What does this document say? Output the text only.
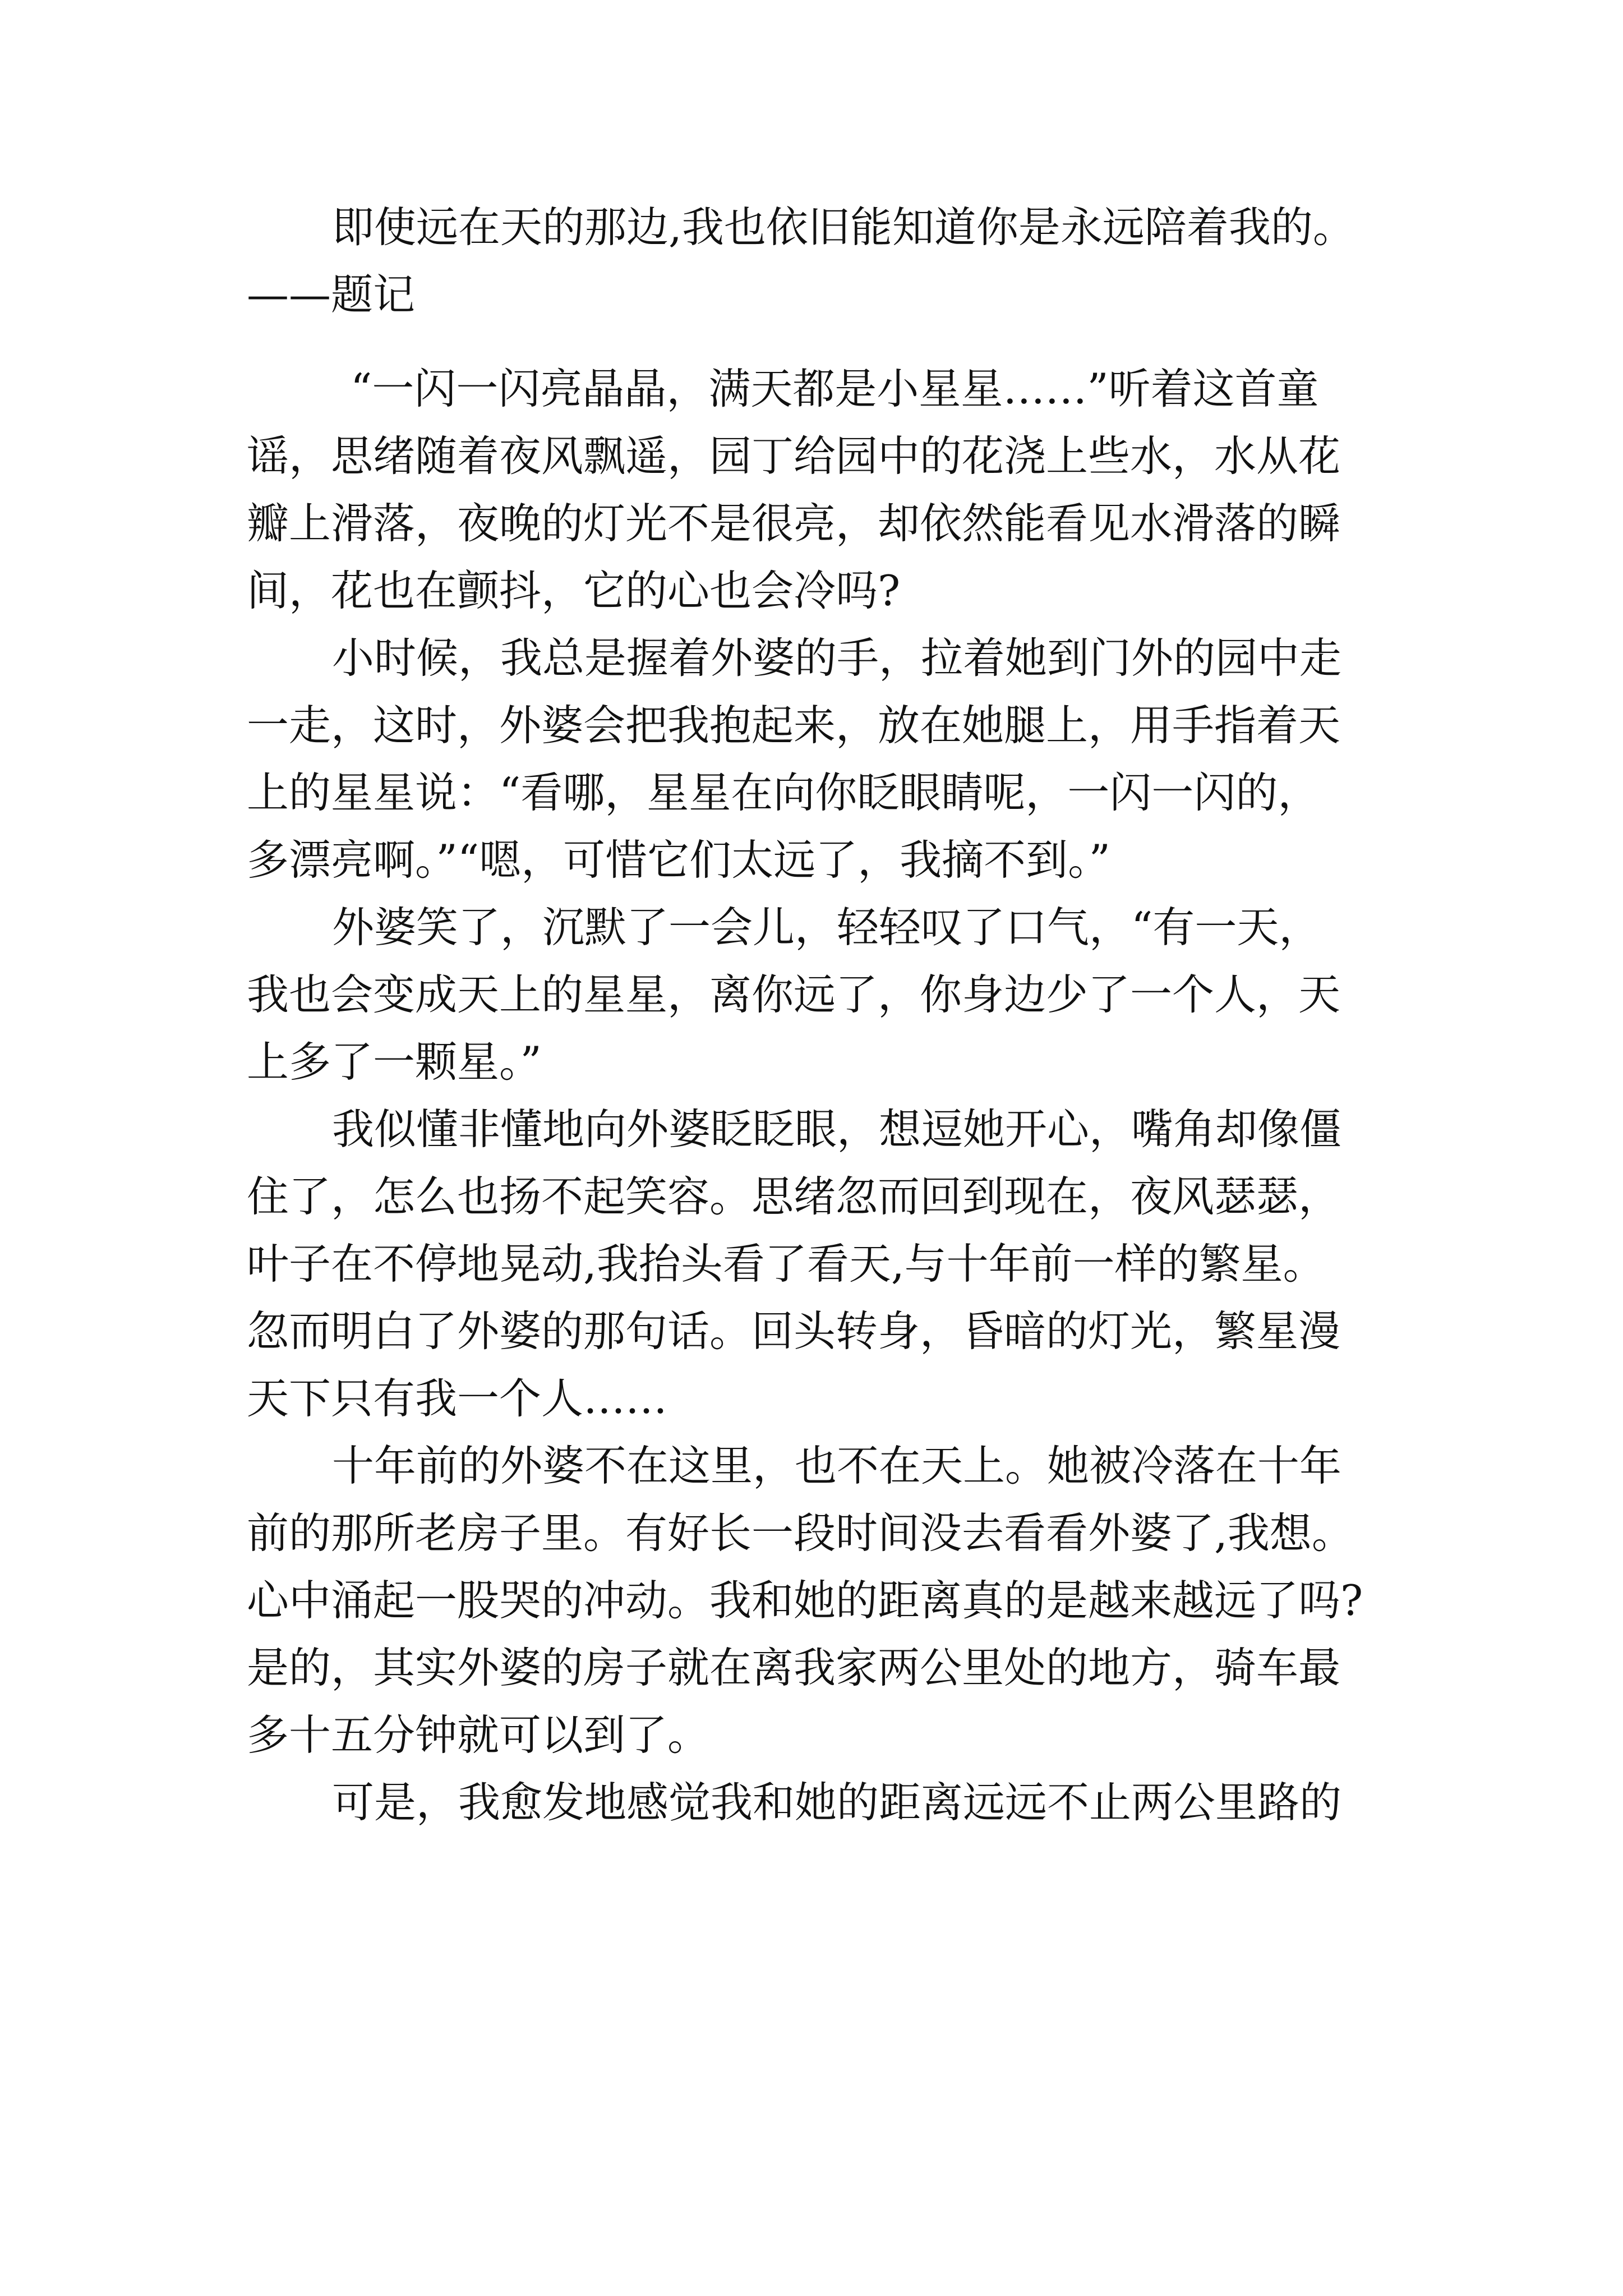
即使远在天的那边,我也依旧能知道你是永远陪着我的。
——题记
“一闪一闪亮晶晶，满天都是小星星……”听着这首童
谣，思绪随着夜风飘遥，园丁给园中的花浇上些水，水从花
瓣上滑落，夜晚的灯光不是很亮，却依然能看见水滑落的瞬
间，花也在颤抖，它的心也会冷吗?
小时候，我总是握着外婆的手，拉着她到门外的园中走
一走，这时，外婆会把我抱起来，放在她腿上，用手指着天
上的星星说：“看哪，星星在向你眨眼睛呢，一闪一闪的，
多漂亮啊。”“嗯，可惜它们太远了，我摘不到。”
外婆笑了，沉默了一会儿，轻轻叹了口气，“有一天，
我也会变成天上的星星，离你远了，你身边少了一个人，天
上多了一颗星。”
我似懂非懂地向外婆眨眨眼，想逗她开心，嘴角却像僵
住了，怎么也扬不起笑容。思绪忽而回到现在，夜风瑟瑟，
叶子在不停地晃动,我抬头看了看天,与十年前一样的繁星。
忽而明白了外婆的那句话。回头转身，昏暗的灯光，繁星漫
天下只有我一个人……
十年前的外婆不在这里，也不在天上。她被冷落在十年
前的那所老房子里。有好长一段时间没去看看外婆了,我想。
心中涌起一股哭的冲动。我和她的距离真的是越来越远了吗?
是的，其实外婆的房子就在离我家两公里处的地方，骑车最
多十五分钟就可以到了。
可是，我愈发地感觉我和她的距离远远不止两公里路的
